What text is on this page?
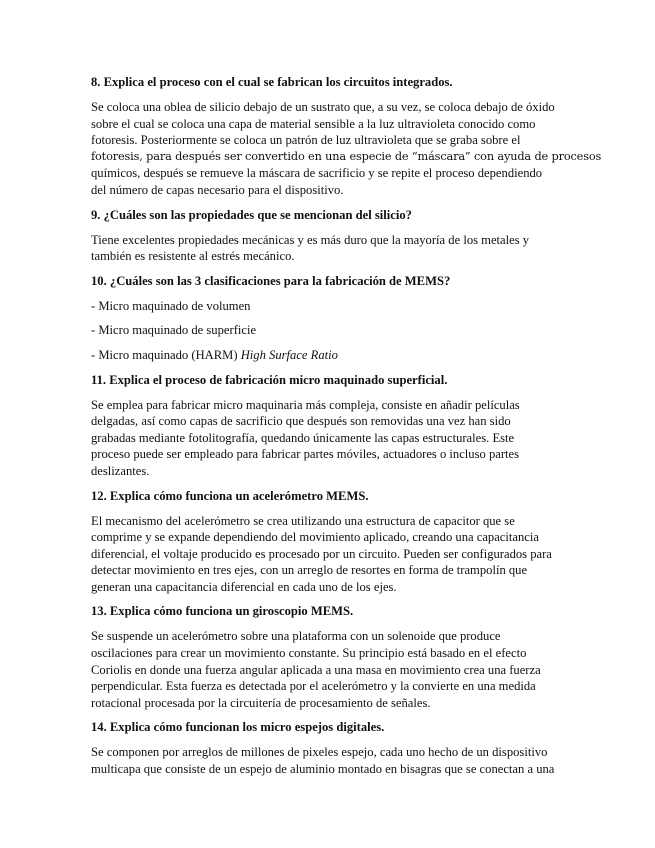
8. Explica el proceso con el cual se fabrican los circuitos integrados.
Se coloca una oblea de silicio debajo de un sustrato que, a su vez, se coloca debajo de óxido
sobre el cual se coloca una capa de material sensible a la luz ultravioleta conocido como
fotoresis. Posteriormente se coloca un patrón de luz ultravioleta que se graba sobre el
fotoresis, para después ser convertido en una especie de “máscara” con ayuda de procesos
químicos, después se remueve la máscara de sacrificio y se repite el proceso dependiendo
del número de capas necesario para el dispositivo.
9. ¿Cuáles son las propiedades que se mencionan del silicio?
Tiene excelentes propiedades mecánicas y es más duro que la mayoría de los metales y
también es resistente al estrés mecánico.
10. ¿Cuáles son las 3 clasificaciones para la fabricación de MEMS?
- Micro maquinado de volumen
- Micro maquinado de superficie
- Micro maquinado (HARM) High Surface Ratio
11. Explica el proceso de fabricación micro maquinado superficial.
Se emplea para fabricar micro maquinaria más compleja, consiste en añadir películas
delgadas, así como capas de sacrificio que después son removidas una vez han sido
grabadas mediante fotolitografía, quedando únicamente las capas estructurales. Este
proceso puede ser empleado para fabricar partes móviles, actuadores o incluso partes
deslizantes.
12. Explica cómo funciona un acelerómetro MEMS.
El mecanismo del acelerómetro se crea utilizando una estructura de capacitor que se
comprime y se expande dependiendo del movimiento aplicado, creando una capacitancia
diferencial, el voltaje producido es procesado por un circuito. Pueden ser configurados para
detectar movimiento en tres ejes, con un arreglo de resortes en forma de trampolín que
generan una capacitancia diferencial en cada uno de los ejes.
13. Explica cómo funciona un giroscopio MEMS.
Se suspende un acelerómetro sobre una plataforma con un solenoide que produce
oscilaciones para crear un movimiento constante. Su principio está basado en el efecto
Coriolis en donde una fuerza angular aplicada a una masa en movimiento crea una fuerza
perpendicular. Esta fuerza es detectada por el acelerómetro y la convierte en una medida
rotacional procesada por la circuitería de procesamiento de señales.
14. Explica cómo funcionan los micro espejos digitales.
Se componen por arreglos de millones de pixeles espejo, cada uno hecho de un dispositivo
multicapa que consiste de un espejo de aluminio montado en bisagras que se conectan a una
